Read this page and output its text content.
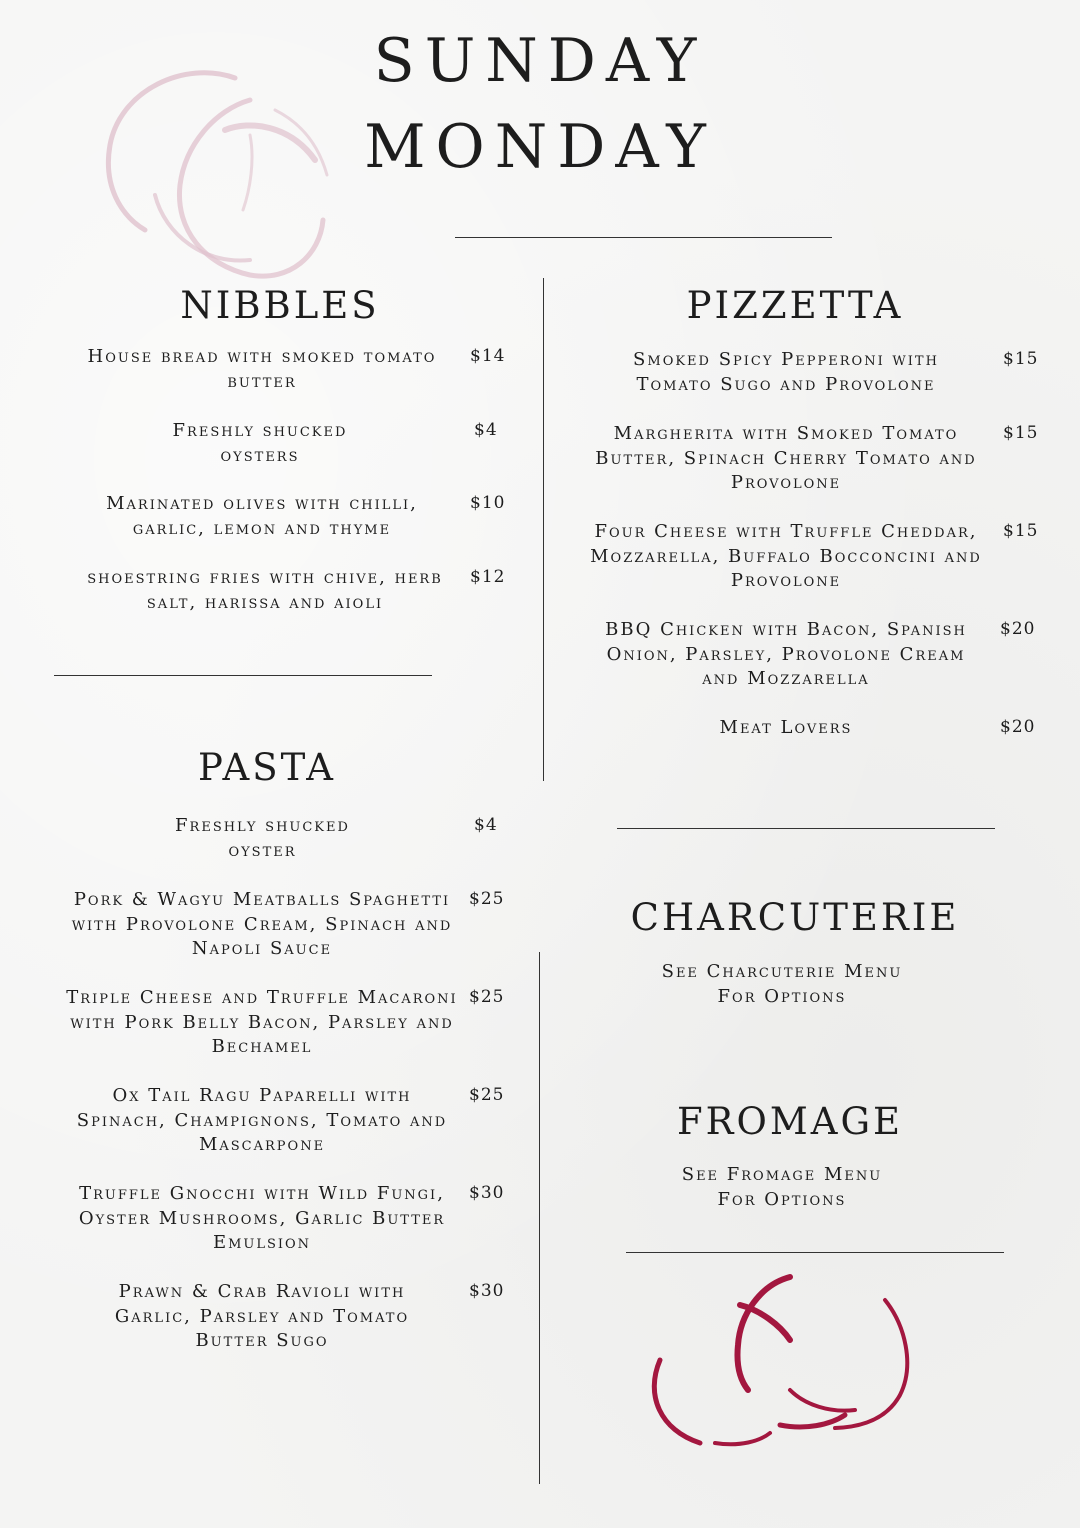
SUNDAY
MONDAY
NIBBLES
House bread with smoked tomato butter
$14
Freshly shucked oysters
$4
Marinated olives with chilli, garlic, lemon and thyme
$10
shoestring fries with chive, herb salt, harissa and aioli
$12
PASTA
Freshly shucked oyster
$4
Pork & Wagyu Meatballs Spaghetti with Provolone Cream, Spinach and Napoli Sauce
$25
Triple Cheese and Truffle Macaroni with Pork Belly Bacon, Parsley and Bechamel
$25
Ox Tail Ragu Paparelli with Spinach, Champignons, Tomato and Mascarpone
$25
Truffle Gnocchi with Wild Fungi, Oyster Mushrooms, Garlic Butter Emulsion
$30
Prawn & Crab Ravioli with Garlic, Parsley and Tomato Butter Sugo
$30
PIZZETTA
Smoked Spicy Pepperoni with Tomato Sugo and Provolone
$15
Margherita with Smoked Tomato Butter, Spinach Cherry Tomato and Provolone
$15
Four Cheese with Truffle Cheddar, Mozzarella, Buffalo Bocconcini and Provolone
$15
BBQ Chicken with Bacon, Spanish Onion, Parsley, Provolone Cream and Mozzarella
$20
Meat Lovers	$20
CHARCUTERIE
See Charcuterie Menu For Options
FROMAGE
See Fromage Menu For Options
